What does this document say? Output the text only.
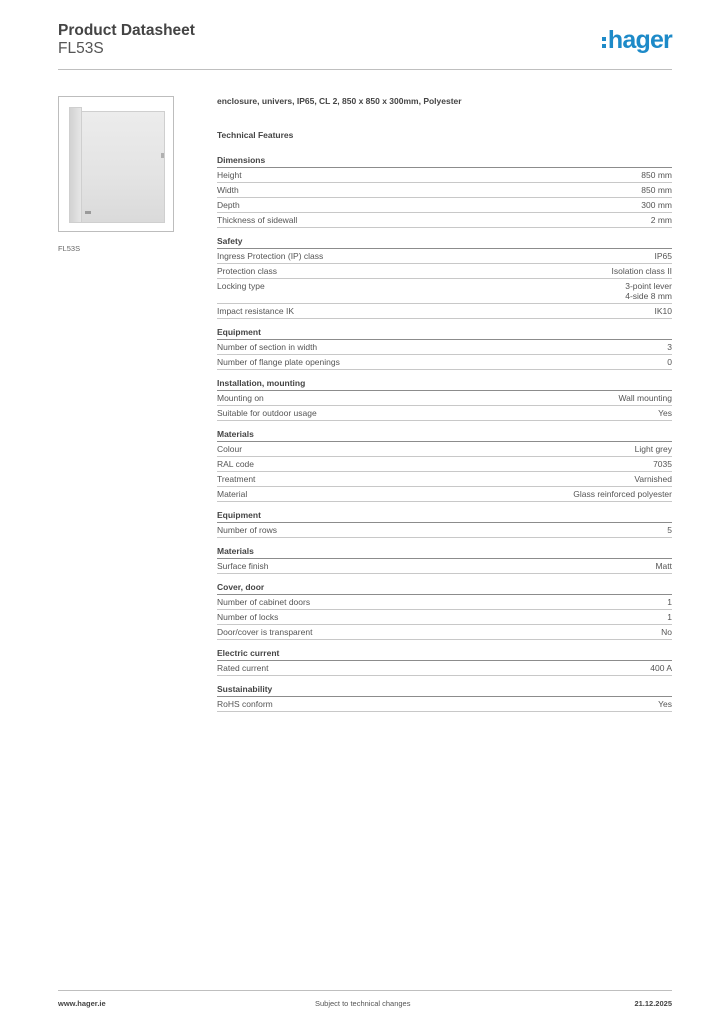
Product Datasheet
FL53S	hager
FL53S
enclosure, univers, IP65, CL 2, 850 x 850 x 300mm, Polyester
Technical Features
Dimensions
Height	850 mm
Width	850 mm
Depth	300 mm
Thickness of sidewall	2 mm
Safety
Ingress Protection (IP) class	IP65
Protection class	Isolation class II
Locking type	3-point lever
4-side 8 mm
Impact resistance IK	IK10
Equipment
Number of section in width	3
Number of flange plate openings	0
Installation, mounting
Mounting on	Wall mounting
Suitable for outdoor usage	Yes
Materials
Colour	Light grey
RAL code	7035
Treatment	Varnished
Material	Glass reinforced polyester
Equipment
Number of rows	5
Materials
Surface finish	Matt
Cover, door
Number of cabinet doors	1
Number of locks	1
Door/cover is transparent	No
Electric current
Rated current	400 A
Sustainability
RoHS conform	Yes
www.hager.ie	Subject to technical changes	21.12.2025
